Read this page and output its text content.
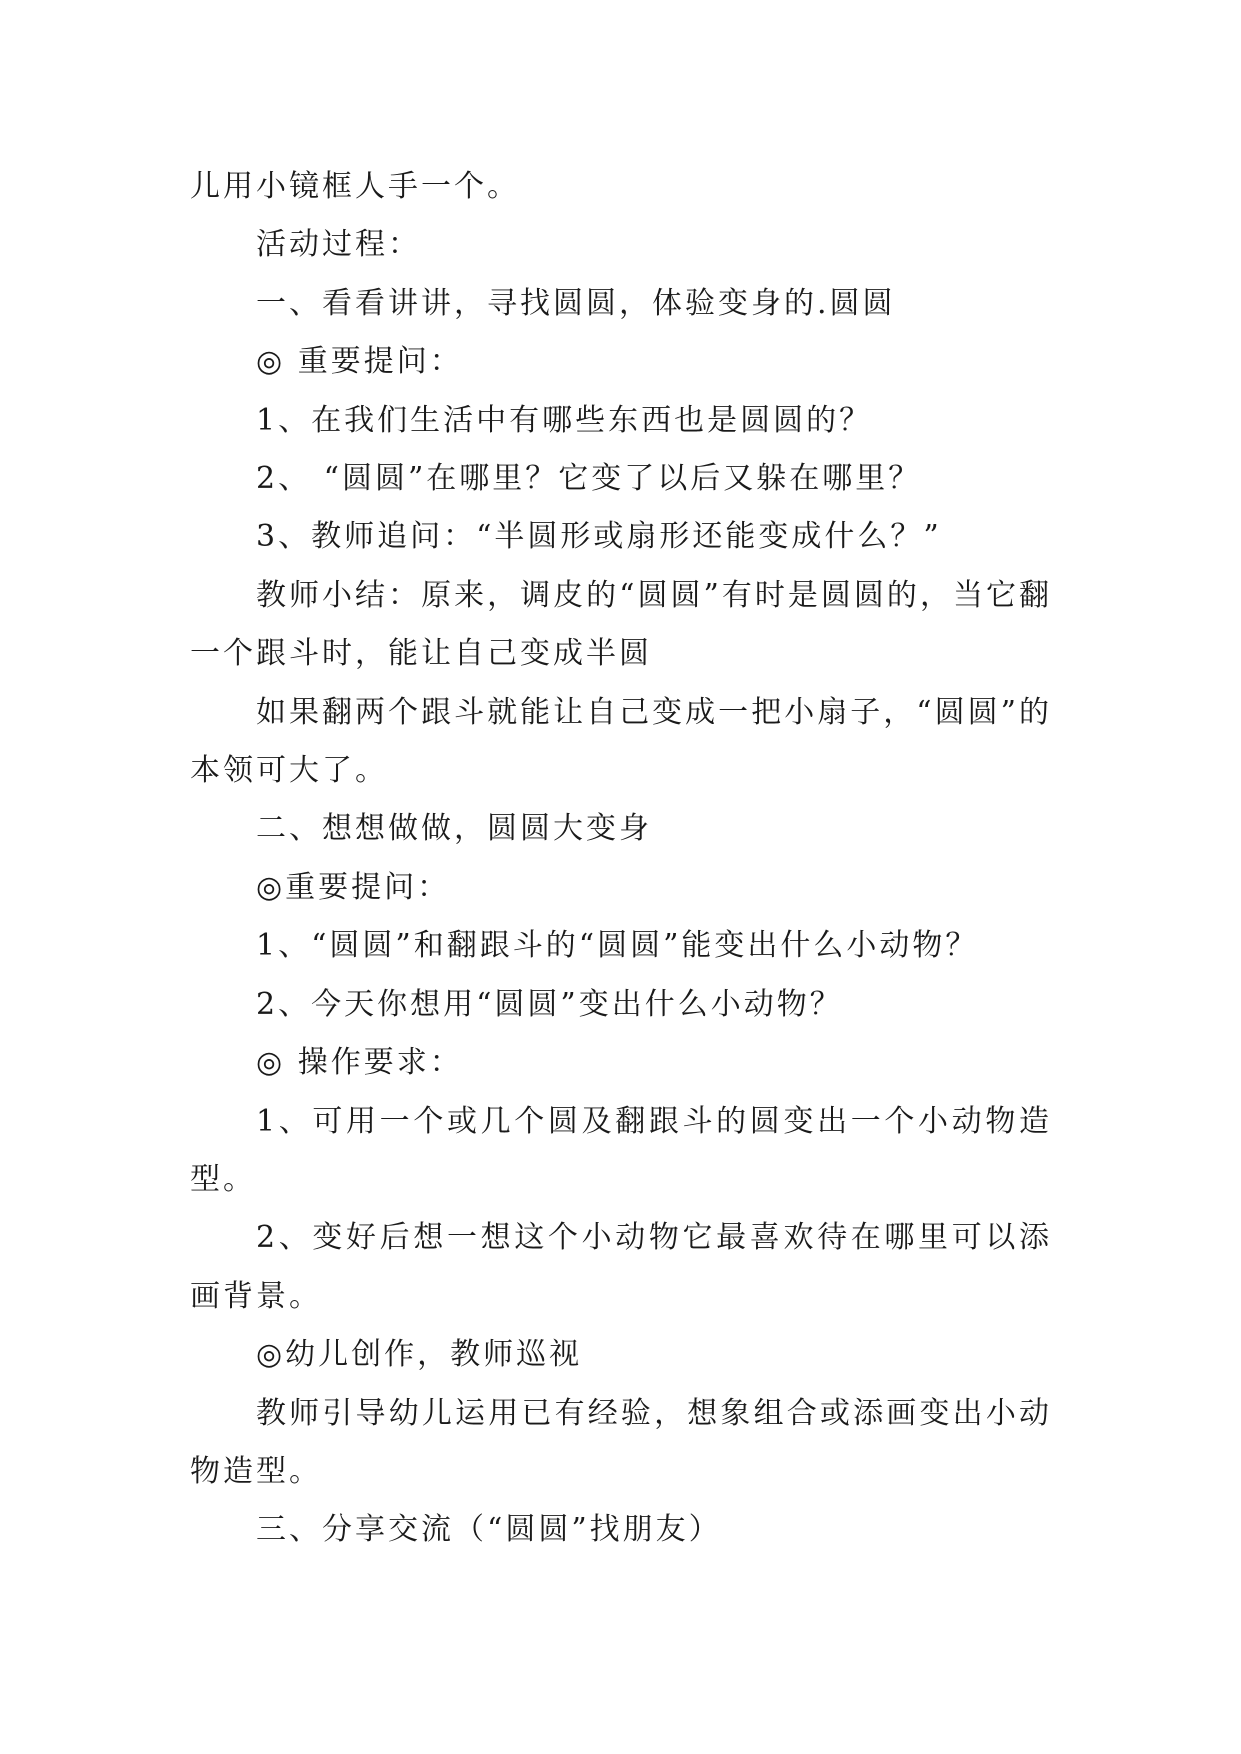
儿用小镜框人手一个。

活动过程：

一、看看讲讲，寻找圆圆，体验变身的.圆圆

◎ 重要提问：

1、在我们生活中有哪些东西也是圆圆的？

2、 “圆圆”在哪里？它变了以后又躲在哪里？

3、教师追问：“半圆形或扇形还能变成什么？”

教师小结：原来，调皮的“圆圆”有时是圆圆的，当它翻一个跟斗时，能让自己变成半圆

如果翻两个跟斗就能让自己变成一把小扇子，“圆圆”的本领可大了。

二、想想做做，圆圆大变身

◎重要提问：

1、“圆圆”和翻跟斗的“圆圆”能变出什么小动物？

2、今天你想用“圆圆”变出什么小动物？

◎ 操作要求：

1、可用一个或几个圆及翻跟斗的圆变出一个小动物造型。

2、变好后想一想这个小动物它最喜欢待在哪里可以添画背景。

◎幼儿创作，教师巡视

教师引导幼儿运用已有经验，想象组合或添画变出小动物造型。

三、分享交流（“圆圆”找朋友）
